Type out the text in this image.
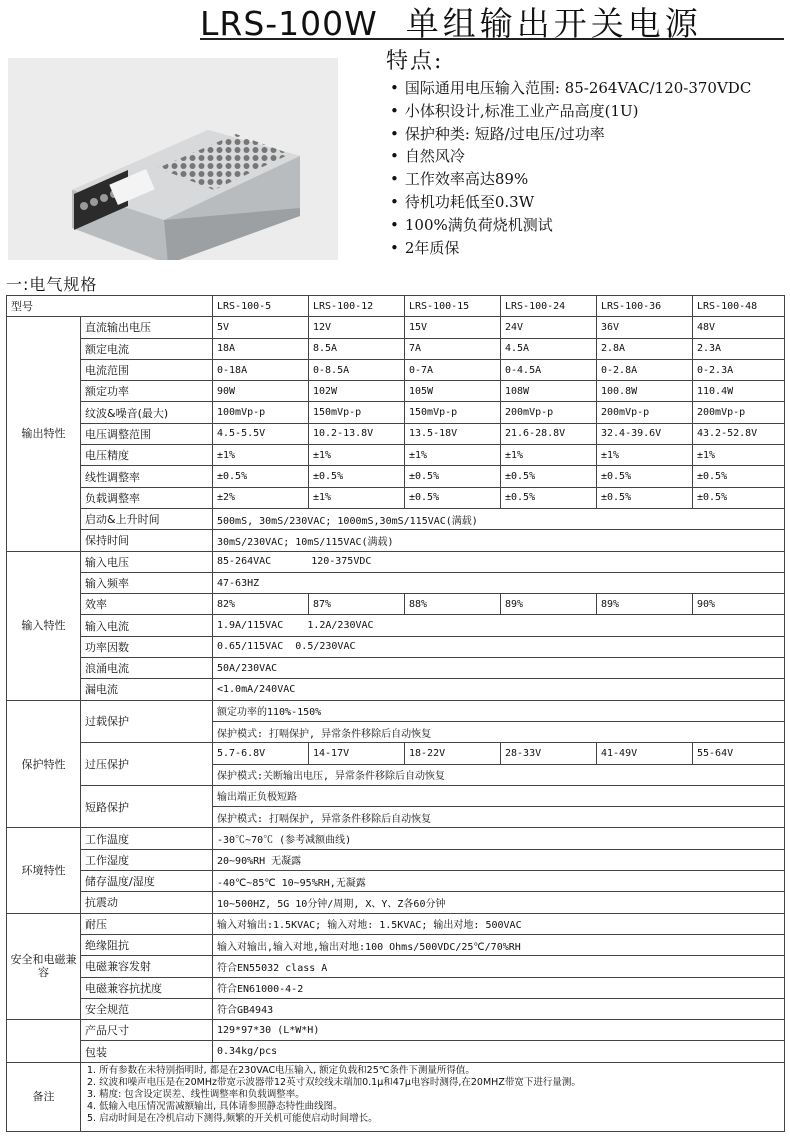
LRS-100W 单组输出开关电源
特点:
• 国际通用电压输入范围: 85-264VAC/120-370VDC
• 小体积设计,标准工业产品高度(1U)
• 保护种类: 短路/过电压/过功率
• 自然风冷
• 工作效率高达89%
• 待机功耗低至0.3W
• 100%满负荷烧机测试
• 2年质保
一:电气规格
型号		LRS-100-5	LRS-100-12	LRS-100-15	LRS-100-24	LRS-100-36	LRS-100-48
输出特性	直流输出电压	5V	12V	15V	24V	36V	48V
	额定电流	18A	8.5A	7A	4.5A	2.8A	2.3A
	电流范围	0-18A	0-8.5A	0-7A	0-4.5A	0-2.8A	0-2.3A
	额定功率	90W	102W	105W	108W	100.8W	110.4W
	纹波&噪音(最大)	100mVp-p	150mVp-p	150mVp-p	200mVp-p	200mVp-p	200mVp-p
	电压调整范围	4.5-5.5V	10.2-13.8V	13.5-18V	21.6-28.8V	32.4-39.6V	43.2-52.8V
	电压精度	±1%	±1%	±1%	±1%	±1%	±1%
	线性调整率	±0.5%	±0.5%	±0.5%	±0.5%	±0.5%	±0.5%
	负载调整率	±2%	±1%	±0.5%	±0.5%	±0.5%	±0.5%
	启动&上升时间	500mS, 30mS/230VAC; 1000mS,30mS/115VAC(满载)					
	保持时间	30mS/230VAC; 10mS/115VAC(满载)					
输入特性	输入电压	85-264VAC 120-375VDC					
	输入频率	47-63HZ					
	效率	82%	87%	88%	89%	89%	90%
	输入电流	1.9A/115VAC 1.2A/230VAC					
	功率因数	0.65/115VAC 0.5/230VAC					
	浪涌电流	50A/230VAC					
	漏电流	<1.0mA/240VAC					
保护特性	过载保护	额定功率的110%-150%					
		保护模式: 打嗝保护, 异常条件移除后自动恢复					
	过压保护	5.7-6.8V	14-17V	18-22V	28-33V	41-49V	55-64V
		保护模式:关断输出电压, 异常条件移除后自动恢复					
	短路保护	输出端正负极短路					
		保护模式: 打嗝保护, 异常条件移除后自动恢复					
环境特性	工作温度	-30℃~70℃ (参考减额曲线)					
	工作湿度	20~90%RH 无凝露					
	储存温度/湿度	-40℃~85℃ 10~95%RH,无凝露					
	抗震动	10~500HZ, 5G 10分钟/周期, X、Y、Z各60分钟					
安全和电磁兼容	耐压	输入对输出:1.5KVAC; 输入对地: 1.5KVAC; 输出对地: 500VAC					
	绝缘阻抗	输入对输出,输入对地,输出对地:100 Ohms/500VDC/25℃/70%RH					
	电磁兼容发射	符合EN55032 class A					
	电磁兼容抗扰度	符合EN61000-4-2					
	安全规范	符合GB4943					
	产品尺寸	129*97*30 (L*W*H)					
	包装	0.34kg/pcs					
备注	1. 所有参数在未特别指明时, 都是在230VAC电压输入, 额定负载和25℃条件下测量所得值。
2. 纹波和噪声电压是在20MHz带宽示波器带12英寸双绞线末端加0.1μ和47μ电容时测得,在20MHZ带宽下进行量测。
3. 精度: 包含设定误差、线性调整率和负载调整率。
4. 低输入电压情况需减额输出, 具体请参照静态特性曲线图。
5. 启动时间是在冷机启动下测得,频繁的开关机可能使启动时间增长。						
